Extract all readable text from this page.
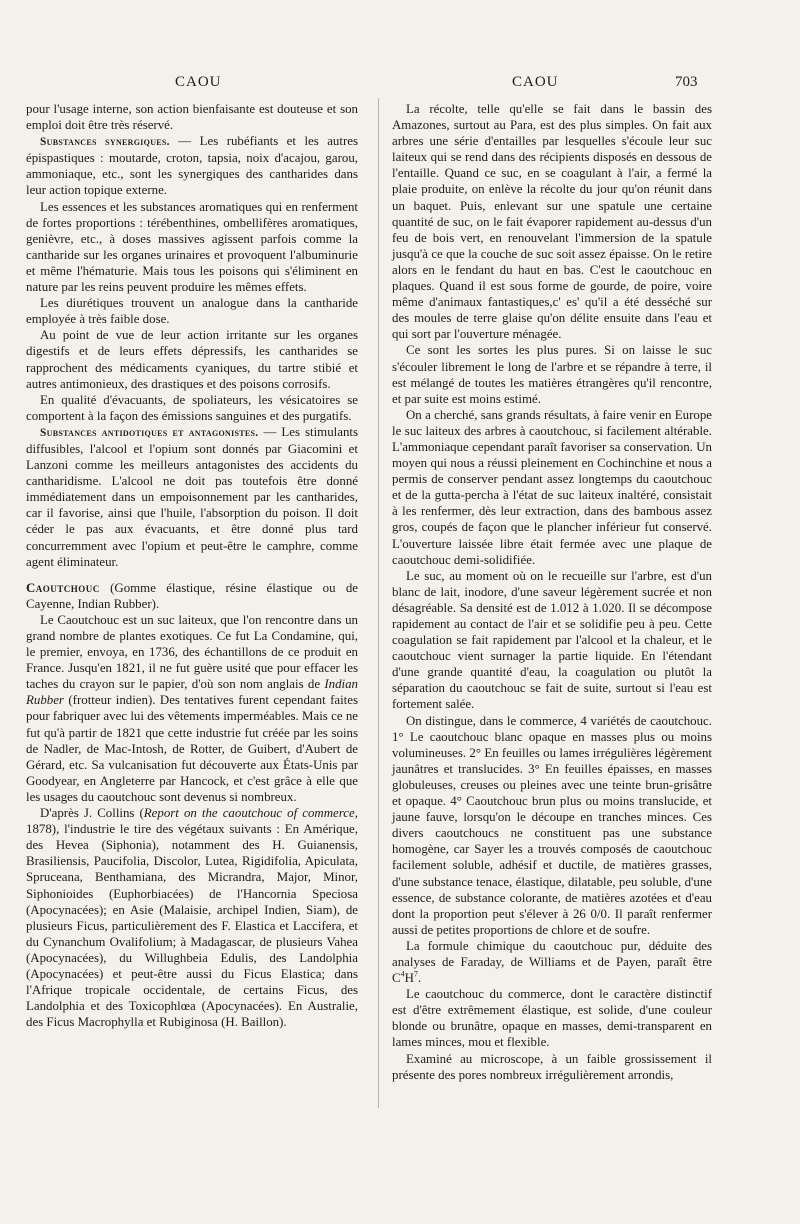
CAOU	CAOU	703

pour l'usage interne, son action bienfaisante est douteuse et son emploi doit être très réservé.

Substances synergiques. — Les rubéfiants et les autres épispastiques : moutarde, croton, tapsia, noix d'acajou, garou, ammoniaque, etc., sont les synergiques des cantharides dans leur action topique externe.

Les essences et les substances aromatiques qui en renferment de fortes proportions : térébenthines, ombellifères aromatiques, genièvre, etc., à doses massives agissent parfois comme la cantharide sur les organes urinaires et provoquent l'albuminurie et même l'hématurie. Mais tous les poisons qui s'éliminent en nature par les reins peuvent produire les mêmes effets.

Les diurétiques trouvent un analogue dans la cantharide employée à très faible dose.

Au point de vue de leur action irritante sur les organes digestifs et de leurs effets dépressifs, les cantharides se rapprochent des médicaments cyaniques, du tartre stibié et autres antimonieux, des drastiques et des poisons corrosifs.

En qualité d'évacuants, de spoliateurs, les vésicatoires se comportent à la façon des émissions sanguines et des purgatifs.

Substances antidotiques et antagonistes. — Les stimulants diffusibles, l'alcool et l'opium sont donnés par Giacomini et Lanzoni comme les meilleurs antagonistes des accidents du cantharidisme. L'alcool ne doit pas toutefois être donné immédiatement dans un empoisonnement par les cantharides, car il favorise, ainsi que l'huile, l'absorption du poison. Il doit céder le pas aux évacuants, et être donné plus tard concurremment avec l'opium et peut-être le camphre, comme agent éliminateur.

Caoutchouc (Gomme élastique, résine élastique ou de Cayenne, Indian Rubber).

Le Caoutchouc est un suc laiteux, que l'on rencontre dans un grand nombre de plantes exotiques. Ce fut La Condamine, qui, le premier, envoya, en 1736, des échantillons de ce produit en France. Jusqu'en 1821, il ne fut guère usité que pour effacer les taches du crayon sur le papier, d'où son nom anglais de Indian Rubber (frotteur indien). Des tentatives furent cependant faites pour fabriquer avec lui des vêtements imperméables. Mais ce ne fut qu'à partir de 1821 que cette industrie fut créée par les soins de Nadler, de Mac-Intosh, de Rotter, de Guibert, d'Aubert de Gérard, etc. Sa vulcanisation fut découverte aux États-Unis par Goodyear, en Angleterre par Hancock, et c'est grâce à elle que les usages du caoutchouc sont devenus si nombreux.

D'après J. Collins (Report on the caoutchouc of commerce, 1878), l'industrie le tire des végétaux suivants : En Amérique, des Hevea (Siphonia), notamment des H. Guianensis, Brasiliensis, Paucifolia, Discolor, Lutea, Rigidifolia, Apiculata, Spruceana, Benthamiana, des Micrandra, Major, Minor, Siphonioides (Euphorbiacées) de l'Hancornia Speciosa (Apocynacées); en Asie (Malaisie, archipel Indien, Siam), de plusieurs Ficus, particulièrement des F. Elastica et Laccifera, et du Cynanchum Ovalifolium; à Madagascar, de plusieurs Vahea (Apocynacées), du Willughbeia Edulis, des Landolphia (Apocynacées) et peut-être aussi du Ficus Elastica; dans l'Afrique tropicale occidentale, de certains Ficus, des Landolphia et des Toxicophlœa (Apocynacées). En Australie, des Ficus Macrophylla et Rubiginosa (H. Baillon).

La récolte, telle qu'elle se fait dans le bassin des Amazones, surtout au Para, est des plus simples. On fait aux arbres une série d'entailles par lesquelles s'écoule leur suc laiteux qui se rend dans des récipients disposés en dessous de l'entaille. Quand ce suc, en se coagulant à l'air, a fermé la plaie produite, on enlève la récolte du jour qu'on réunit dans un baquet. Puis, enlevant sur une spatule une certaine quantité de suc, on le fait évaporer rapidement au-dessus d'un feu de bois vert, en renouvelant l'immersion de la spatule jusqu'à ce que la couche de suc soit assez épaisse. On le retire alors en le fendant du haut en bas. C'est le caoutchouc en plaques. Quand il est sous forme de gourde, de poire, voire même d'animaux fantastiques,c' es' qu'il a été desséché sur des moules de terre glaise qu'on délite ensuite dans l'eau et qui sort par l'ouverture ménagée.

Ce sont les sortes les plus pures. Si on laisse le suc s'écouler librement le long de l'arbre et se répandre à terre, il est mélangé de toutes les matières étrangères qu'il rencontre, et par suite est moins estimé.

On a cherché, sans grands résultats, à faire venir en Europe le suc laiteux des arbres à caoutchouc, si facilement altérable. L'ammoniaque cependant paraît favoriser sa conservation. Un moyen qui nous a réussi pleinement en Cochinchine et nous a permis de conserver pendant assez longtemps du caoutchouc et de la gutta-percha à l'état de suc laiteux inaltéré, consistait à les renfermer, dès leur extraction, dans des bambous assez gros, coupés de façon que le plancher inférieur fut conservé. L'ouverture laissée libre était fermée avec une plaque de caoutchouc demi-solidifiée.

Le suc, au moment où on le recueille sur l'arbre, est d'un blanc de lait, inodore, d'une saveur légèrement sucrée et non désagréable. Sa densité est de 1.012 à 1.020. Il se décompose rapidement au contact de l'air et se solidifie peu à peu. Cette coagulation se fait rapidement par l'alcool et la chaleur, et le caoutchouc vient surnager la partie liquide. En l'étendant d'une grande quantité d'eau, la coagulation ou plutôt la séparation du caoutchouc se fait de suite, surtout si l'eau est fortement salée.

On distingue, dans le commerce, 4 variétés de caoutchouc. 1° Le caoutchouc blanc opaque en masses plus ou moins volumineuses. 2° En feuilles ou lames irrégulières légèrement jaunâtres et translucides. 3° En feuilles épaisses, en masses globuleuses, creuses ou pleines avec une teinte brun-grisâtre et opaque. 4° Caoutchouc brun plus ou moins translucide, et jaune fauve, lorsqu'on le découpe en tranches minces. Ces divers caoutchoucs ne constituent pas une substance homogène, car Sayer les a trouvés composés de caoutchouc facilement soluble, adhésif et ductile, de matières grasses, d'une substance tenace, élastique, dilatable, peu soluble, d'une essence, de substance colorante, de matières azotées et d'eau dont la proportion peut s'élever à 26 0/0. Il paraît renfermer aussi de petites proportions de chlore et de soufre.

La formule chimique du caoutchouc pur, déduite des analyses de Faraday, de Williams et de Payen, paraît être $C^4H^7$.

Le caoutchouc du commerce, dont le caractère distinctif est d'être extrêmement élastique, est solide, d'une couleur blonde ou brunâtre, opaque en masses, demi-transparent en lames minces, mou et flexible.

Examiné au microscope, à un faible grossissement il présente des pores nombreux irrégulièrement arrondis,
